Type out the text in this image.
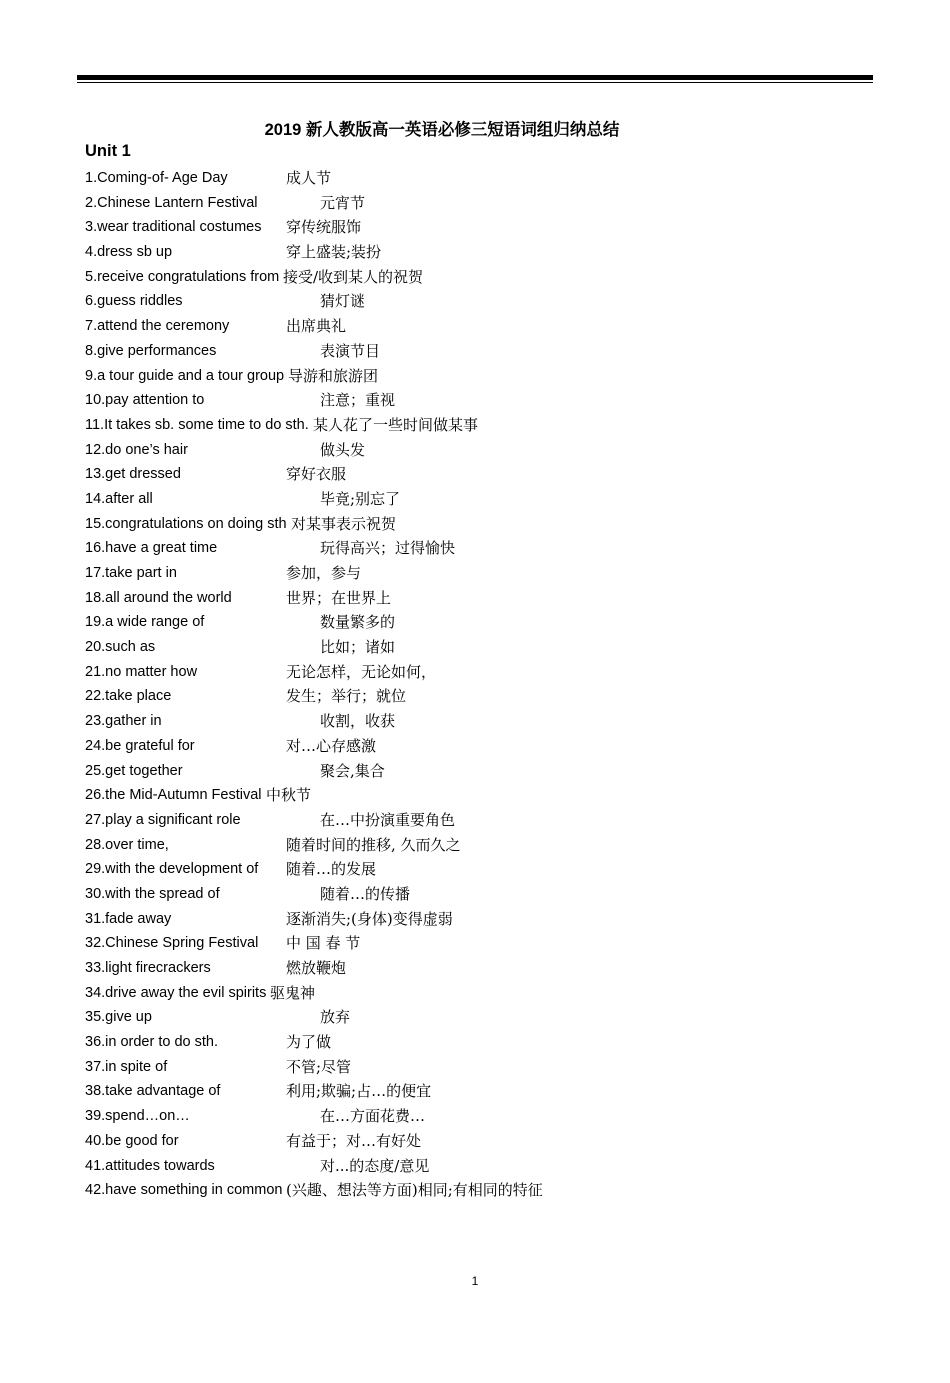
2019 新人教版高一英语必修三短语词组归纳总结
Unit 1
1.Coming-of- Age Day	成人节
2.Chinese Lantern Festival	元宵节
3.wear traditional costumes 穿传统服饰
4.dress sb up	穿上盛装;装扮
5.receive congratulations from 接受/收到某人的祝贺
6.guess riddles	猜灯谜
7.attend the ceremony	出席典礼
8.give performances	表演节目
9.a tour guide and a tour group 导游和旅游团
10.pay attention to	注意；重视
11.It takes sb. some time to do sth. 某人花了一些时间做某事
12.do one’s hair	做头发
13.get dressed	穿好衣服
14.after all	毕竟;别忘了
15.congratulations on doing sth 对某事表示祝贺
16.have a great time	玩得高兴；过得愉快
17.take part in	参加，参与
18.all around the world	世界；在世界上
19.a wide range of	数量繁多的
20.such as	比如；诸如
21.no matter how	无论怎样，无论如何，
22.take place	发生；举行；就位
23.gather in	收割，收获
24.be grateful for	对…心存感激
25.get together	聚会,集合
26.the Mid-Autumn Festival 中秋节
27.play a significant role	在…中扮演重要角色
28.over time,	随着时间的推移, 久而久之
29.with the development of 随着…的发展
30.with the spread of	随着…的传播
31.fade away	逐渐消失;(身体)变得虚弱
32.Chinese Spring Festival 中 国 春 节
33.light firecrackers	燃放鞭炮
34.drive away the evil spirits 驱鬼神
35.give up	放弃
36.in order to do sth.	为了做
37.in spite of	不管;尽管
38.take advantage of	利用;欺骗;占…的便宜
39.spend…on…	在…方面花费…
40.be good for	有益于；对…有好处
41.attitudes towards	对...的态度/意见
42.have something in common (兴趣、想法等方面)相同;有相同的特征
1
